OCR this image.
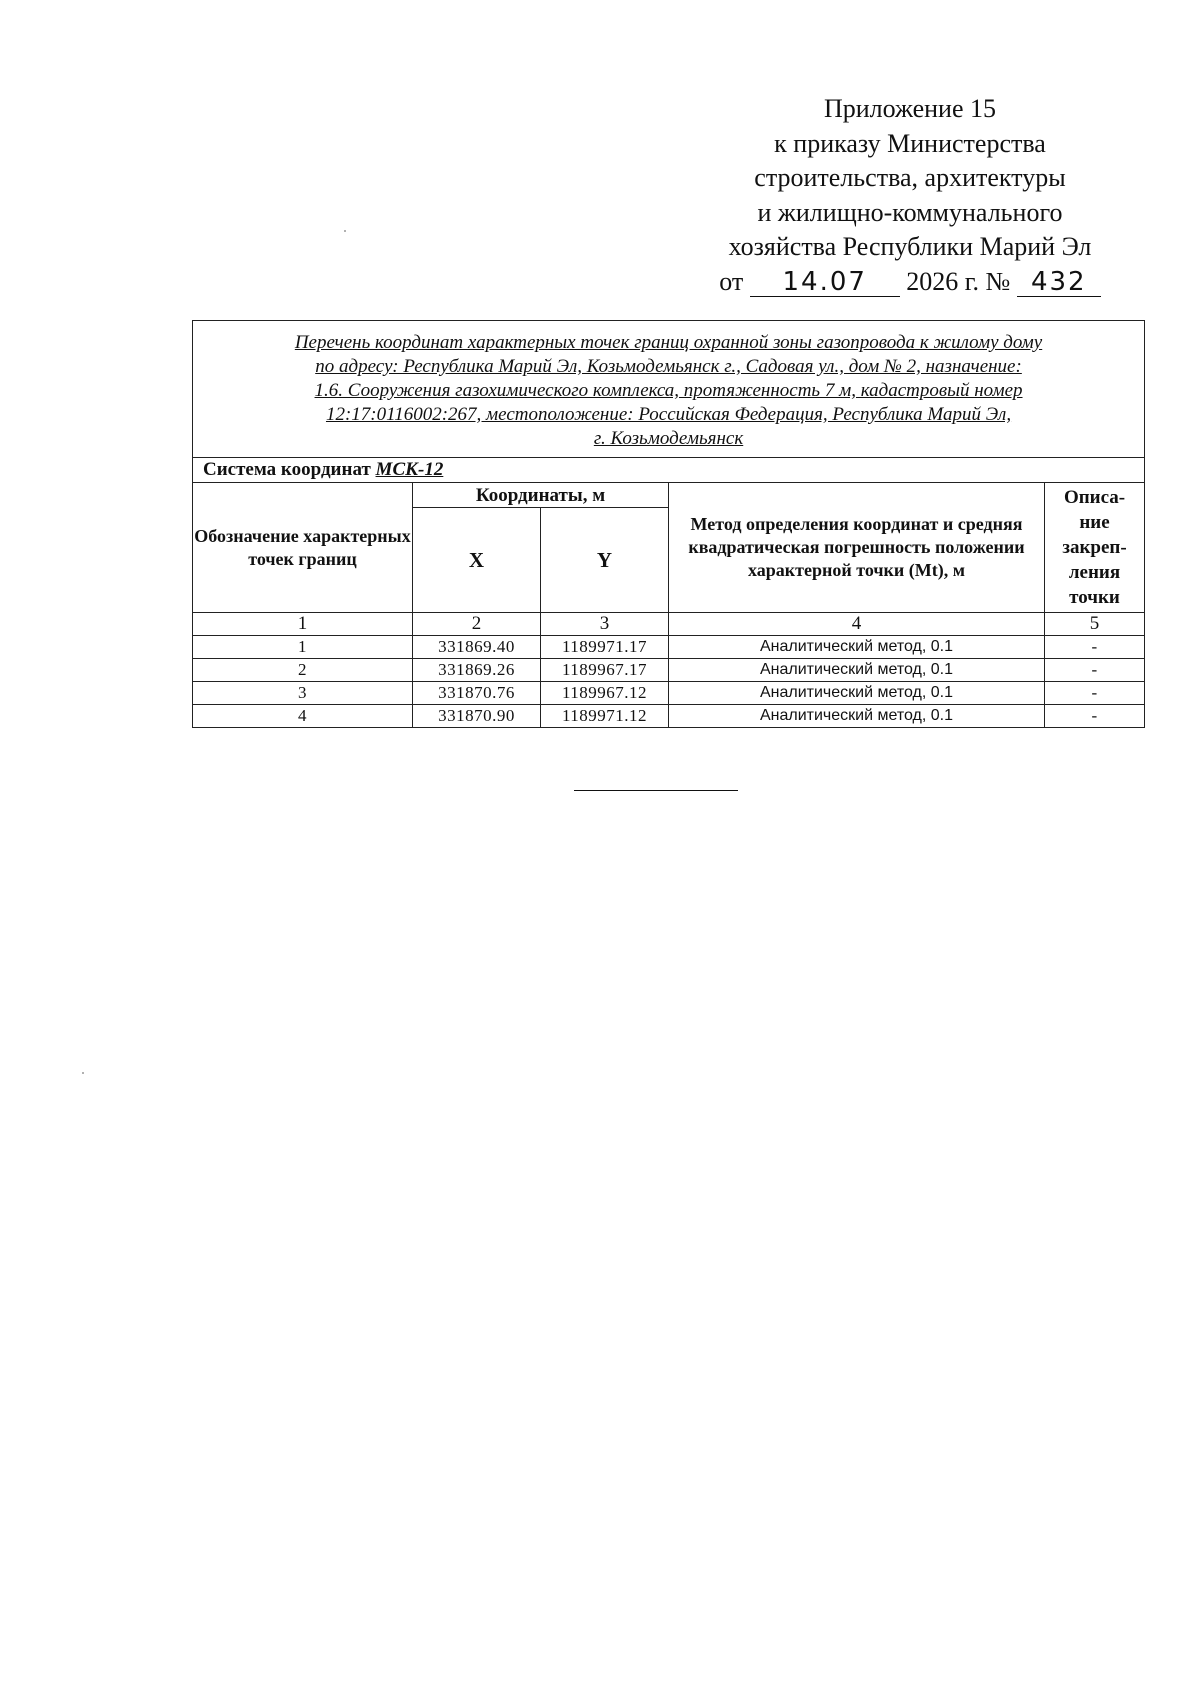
Приложение 15
к приказу Министерства
строительства, архитектуры
и жилищно-коммунального
хозяйства Республики Марий Эл
от 14.07 2026 г. № 432
Перечень координат характерных точек границ охранной зоны газопровода к жилому дому
по адресу: Республика Марий Эл, Козьмодемьянск г., Садовая ул., дом № 2, назначение:
1.6. Сооружения газохимического комплекса, протяженность 7 м, кадастровый номер
12:17:0116002:267, местоположение: Российская Федерация, Республика Марий Эл,
г. Козьмодемьянск				

Система координат МСК-12				
Обозначение характерных точек границ	Координаты, м		Метод определения координат и средняя квадратическая погрешность положении характерной точки (Mt), м	Описа-ние закреп-ления точки
	X	Y		
1	2	3	4	5
1	331869.40	1189971.17	Аналитический метод, 0.1	-
2	331869.26	1189967.17	Аналитический метод, 0.1	-
3	331870.76	1189967.12	Аналитический метод, 0.1	-
4	331870.90	1189971.12	Аналитический метод, 0.1	-
